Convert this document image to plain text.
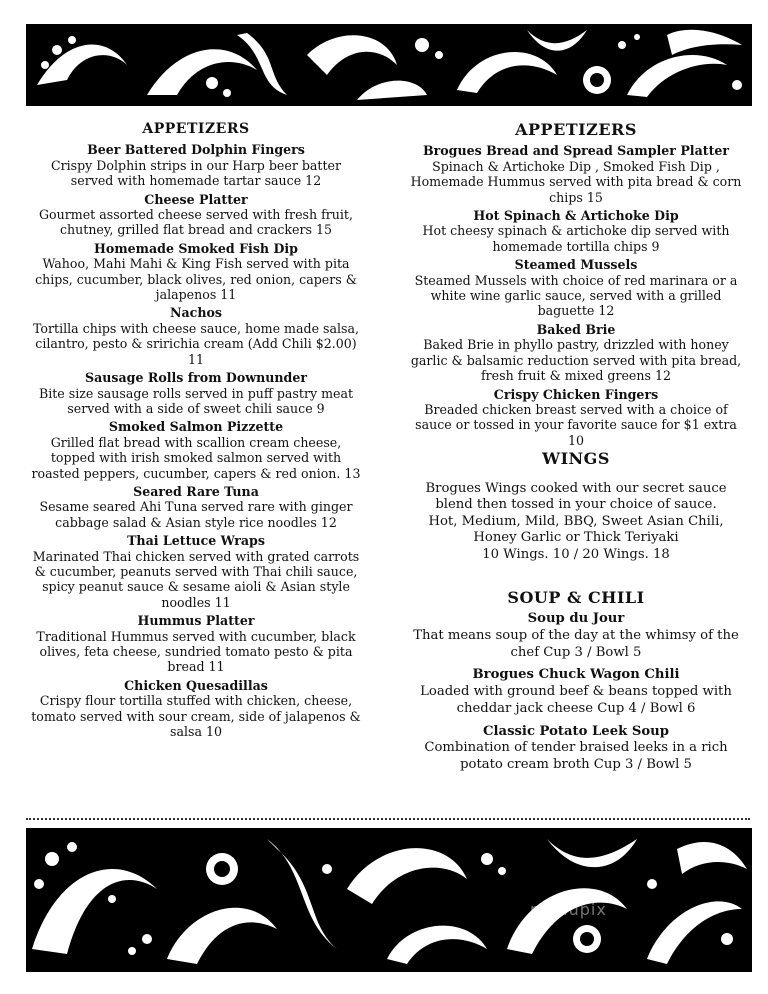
APPETIZERS
Beer Battered Dolphin Fingers
Crispy Dolphin strips in our Harp beer batter served with homemade tartar sauce 12
Cheese Platter
Gourmet assorted cheese served with fresh fruit, chutney, grilled flat bread and crackers 15
Homemade Smoked Fish Dip
Wahoo, Mahi Mahi & King Fish served with pita chips, cucumber, black olives, red onion, capers & jalapenos 11
Nachos
Tortilla chips with cheese sauce, home made salsa, cilantro, pesto & sririchia cream (Add Chili $2.00) 11
Sausage Rolls from Downunder
Bite size sausage rolls served in puff pastry meat served with a side of sweet chili sauce 9
Smoked Salmon Pizzette
Grilled flat bread with scallion cream cheese, topped with irish smoked salmon served with roasted peppers, cucumber, capers & red onion. 13
Seared Rare Tuna
Sesame seared Ahi Tuna served rare with ginger cabbage salad & Asian style rice noodles 12
Thai Lettuce Wraps
Marinated Thai chicken served with grated carrots & cucumber, peanuts served with Thai chili sauce, spicy peanut sauce & sesame aioli & Asian style noodles 11
Hummus Platter
Traditional Hummus served with cucumber, black olives, feta cheese, sundried tomato pesto & pita bread 11
Chicken Quesadillas
Crispy flour tortilla stuffed with chicken, cheese, tomato served with sour cream, side of jalapenos & salsa 10
APPETIZERS
Brogues Bread and Spread Sampler Platter
Spinach & Artichoke Dip , Smoked Fish Dip , Homemade Hummus served with pita bread & corn chips 15
Hot Spinach & Artichoke Dip
Hot cheesy spinach & artichoke dip served with homemade tortilla chips 9
Steamed Mussels
Steamed Mussels with choice of red marinara or a white wine garlic sauce, served with a grilled baguette 12
Baked Brie
Baked Brie in phyllo pastry, drizzled with honey garlic & balsamic reduction served with pita bread, fresh fruit & mixed greens 12
Crispy Chicken Fingers
Breaded chicken breast served with a choice of sauce or tossed in your favorite sauce for $1 extra 10
WINGS
Brogues Wings cooked with our secret sauce blend then tossed in your choice of sauce.
Hot, Medium, Mild, BBQ, Sweet Asian Chili, Honey Garlic or Thick Teriyaki
10 Wings. 10 / 20 Wings. 18
SOUP & CHILI
Soup du Jour
That means soup of the day at the whimsy of the chef Cup 3 / Bowl 5
Brogues Chuck Wagon Chili
Loaded with ground beef & beans topped with cheddar jack cheese Cup 4 / Bowl 6
Classic Potato Leek Soup
Combination of tender braised leeks in a rich potato cream broth Cup 3 / Bowl 5
menupix
